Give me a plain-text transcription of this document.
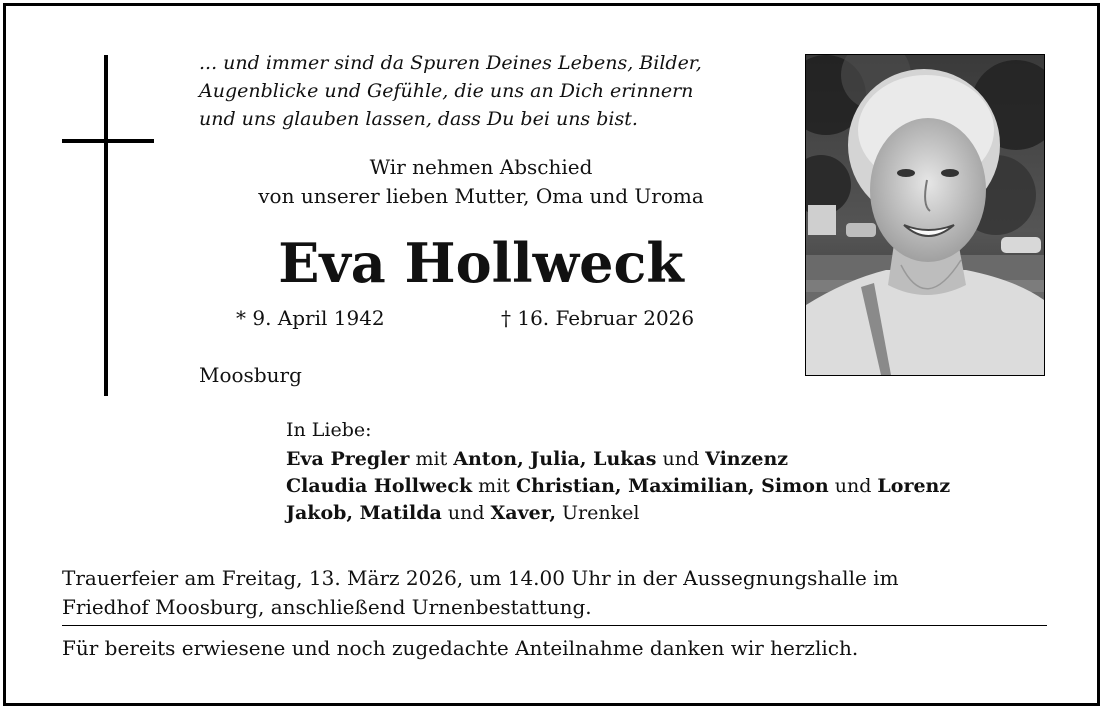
... und immer sind da Spuren Deines Lebens, Bilder,
Augenblicke und Gefühle, die uns an Dich erinnern
und uns glauben lassen, dass Du bei uns bist.
Wir nehmen Abschied
von unserer lieben Mutter, Oma und Uroma
Eva Hollweck
* 9. April 1942	† 16. Februar 2026
Moosburg
In Liebe:
Eva Pregler mit Anton, Julia, Lukas und Vinzenz
Claudia Hollweck mit Christian, Maximilian, Simon und Lorenz
Jakob, Matilda und Xaver, Urenkel
Trauerfeier am Freitag, 13. März 2026, um 14.00 Uhr in der Aussegnungshalle im
Friedhof Moosburg, anschließend Urnenbestattung.
Für bereits erwiesene und noch zugedachte Anteilnahme danken wir herzlich.
